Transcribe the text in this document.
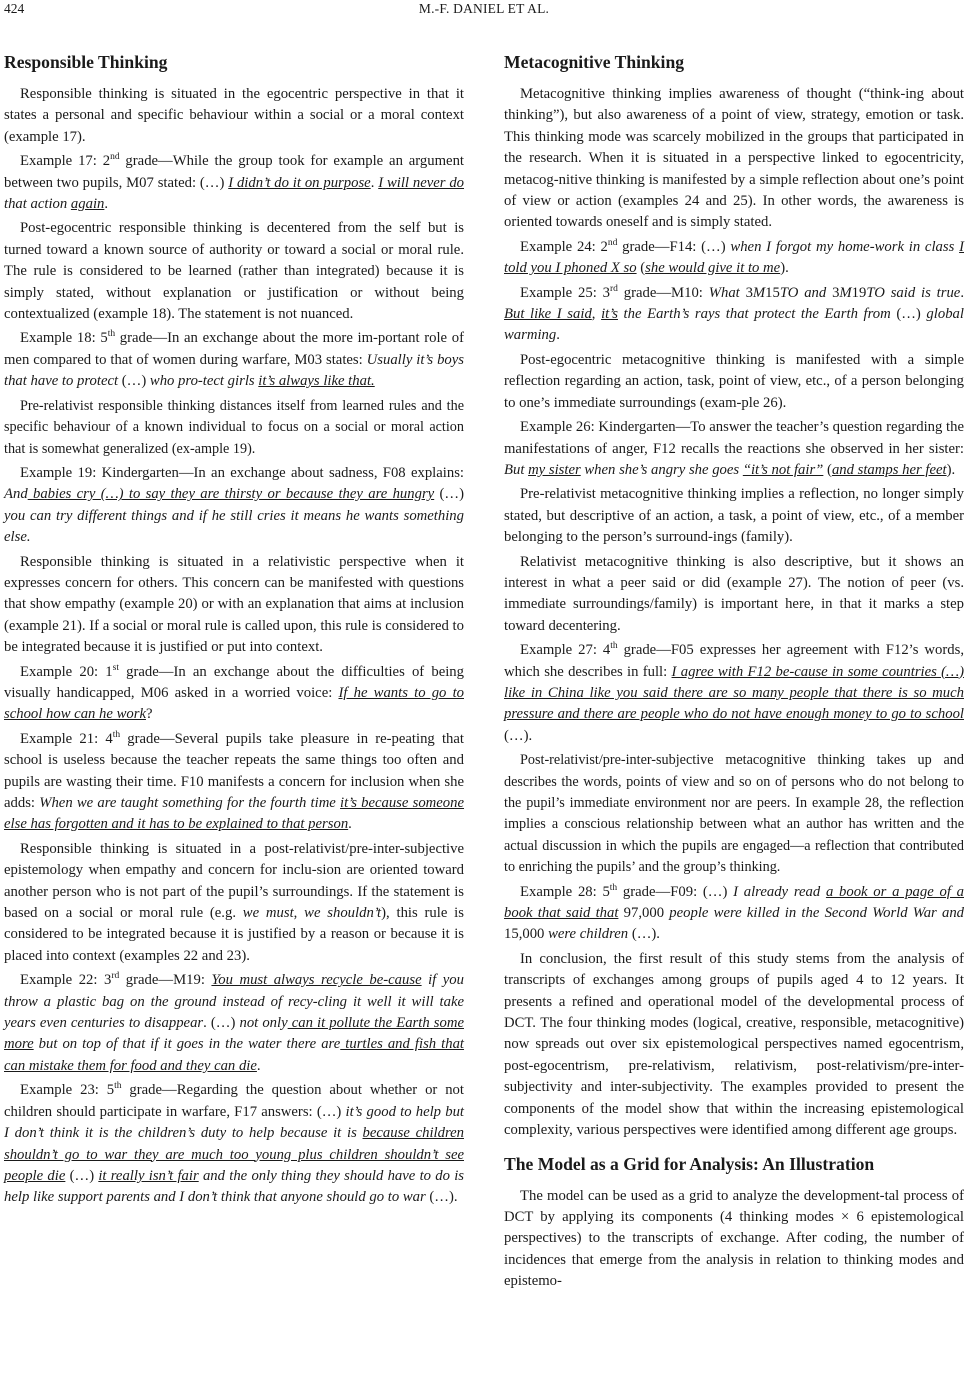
424	M.-F. DANIEL ET AL.
Responsible Thinking

Responsible thinking is situated in the egocentric perspective in that it states a personal and specific behaviour within a social or a moral context (example 17).

Example 17: 2nd grade—While the group took for example an argument between two pupils, M07 stated: (…) I didn’t do it on purpose. I will never do that action again.

Post-egocentric responsible thinking is decentered from the self but is turned toward a known source of authority or toward a social or moral rule. The rule is considered to be learned (rather than integrated) because it is simply stated, without explanation or justification or without being contextualized (example 18). The statement is not nuanced.

Example 18: 5th grade—In an exchange about the more im-portant role of men compared to that of women during warfare, M03 states: Usually it’s boys that have to protect (…) who pro-tect girls it’s always like that.

Pre-relativist responsible thinking distances itself from learned rules and the specific behaviour of a known individual to focus on a social or moral action that is somewhat generalized (ex-ample 19).

Example 19: Kindergarten—In an exchange about sadness, F08 explains: And babies cry (…) to say they are thirsty or because they are hungry (…) you can try different things and if he still cries it means he wants something else.

Responsible thinking is situated in a relativistic perspective when it expresses concern for others. This concern can be manifested with questions that show empathy (example 20) or with an explanation that aims at inclusion (example 21). If a social or moral rule is called upon, this rule is considered to be integrated because it is justified or put into context.

Example 20: 1st grade—In an exchange about the difficulties of being visually handicapped, M06 asked in a worried voice: If he wants to go to school how can he work?

Example 21: 4th grade—Several pupils take pleasure in re-peating that school is useless because the teacher repeats the same things too often and pupils are wasting their time. F10 manifests a concern for inclusion when she adds: When we are taught something for the fourth time it’s because someone else has forgotten and it has to be explained to that person.

Responsible thinking is situated in a post-relativist/pre-inter-subjective epistemology when empathy and concern for inclu-sion are oriented toward another person who is not part of the pupil’s surroundings. If the statement is based on a social or moral rule (e.g. we must, we shouldn’t), this rule is considered to be integrated because it is justified by a reason or because it is placed into context (examples 22 and 23).

Example 22: 3rd grade—M19: You must always recycle be-cause if you throw a plastic bag on the ground instead of recy-cling it well it will take years even centuries to disappear. (…) not only can it pollute the Earth some more but on top of that if it goes in the water there are turtles and fish that can mistake them for food and they can die.

Example 23: 5th grade—Regarding the question about whether or not children should participate in warfare, F17 answers: (…) it’s good to help but I don’t think it is the children’s duty to help because it is because children shouldn’t go to war they are much too young plus children shouldn’t see people die (…) it really isn’t fair and the only thing they should have to do is help like support parents and I don’t think that anyone should go to war (…).

Metacognitive Thinking

Metacognitive thinking implies awareness of thought (“think-ing about thinking”), but also awareness of a point of view, strategy, emotion or task. This thinking mode was scarcely mobilized in the groups that participated in the research. When it is situated in a perspective linked to egocentricity, metacog-nitive thinking is manifested by a simple reflection about one’s point of view or action (examples 24 and 25). In other words, the awareness is oriented towards oneself and is simply stated.

Example 24: 2nd grade—F14: (…) when I forgot my home-work in class I told you I phoned X so (she would give it to me).

Example 25: 3rd grade—M10: What 3M15TO and 3M19TO said is true. But like I said, it’s the Earth’s rays that protect the Earth from (…) global warming.

Post-egocentric metacognitive thinking is manifested with a simple reflection regarding an action, task, point of view, etc., of a person belonging to one’s immediate surroundings (exam-ple 26).

Example 26: Kindergarten—To answer the teacher’s question regarding the manifestations of anger, F12 recalls the reactions she observed in her sister: But my sister when she’s angry she goes “it’s not fair” (and stamps her feet).

Pre-relativist metacognitive thinking implies a reflection, no longer simply stated, but descriptive of an action, a task, a point of view, etc., of a member belonging to the person’s surround-ings (family).

Relativist metacognitive thinking is also descriptive, but it shows an interest in what a peer said or did (example 27). The notion of peer (vs. immediate surroundings/family) is important here, in that it marks a step toward decentering.

Example 27: 4th grade—F05 expresses her agreement with F12’s words, which she describes in full: I agree with F12 be-cause in some countries (…) like in China like you said there are so many people that there is so much pressure and there are people who do not have enough money to go to school (…).

Post-relativist/pre-inter-subjective metacognitive thinking takes up and describes the words, points of view and so on of persons who do not belong to the pupil’s immediate environment nor are peers. In example 28, the reflection implies a conscious relationship between what an author has written and the actual discussion in which the pupils are engaged—a reflection that contributed to enriching the pupils’ and the group’s thinking.

Example 28: 5th grade—F09: (…) I already read a book or a page of a book that said that 97,000 people were killed in the Second World War and 15,000 were children (…).

In conclusion, the first result of this study stems from the analysis of transcripts of exchanges among groups of pupils aged 4 to 12 years. It presents a refined and operational model of the developmental process of DCT. The four thinking modes (logical, creative, responsible, metacognitive) now spreads out over six epistemological perspectives named egocentrism, post-egocentrism, pre-relativism, relativism, post-relativism/pre-inter-subjectivity and inter-subjectivity. The examples provided to present the components of the model show that within the increasing epistemological complexity, various perspectives were identified among different age groups.

The Model as a Grid for Analysis: An Illustration

The model can be used as a grid to analyze the development-tal process of DCT by applying its components (4 thinking modes × 6 epistemological perspectives) to the transcripts of exchange. After coding, the number of incidences that emerge from the analysis in relation to thinking modes and epistemo-
